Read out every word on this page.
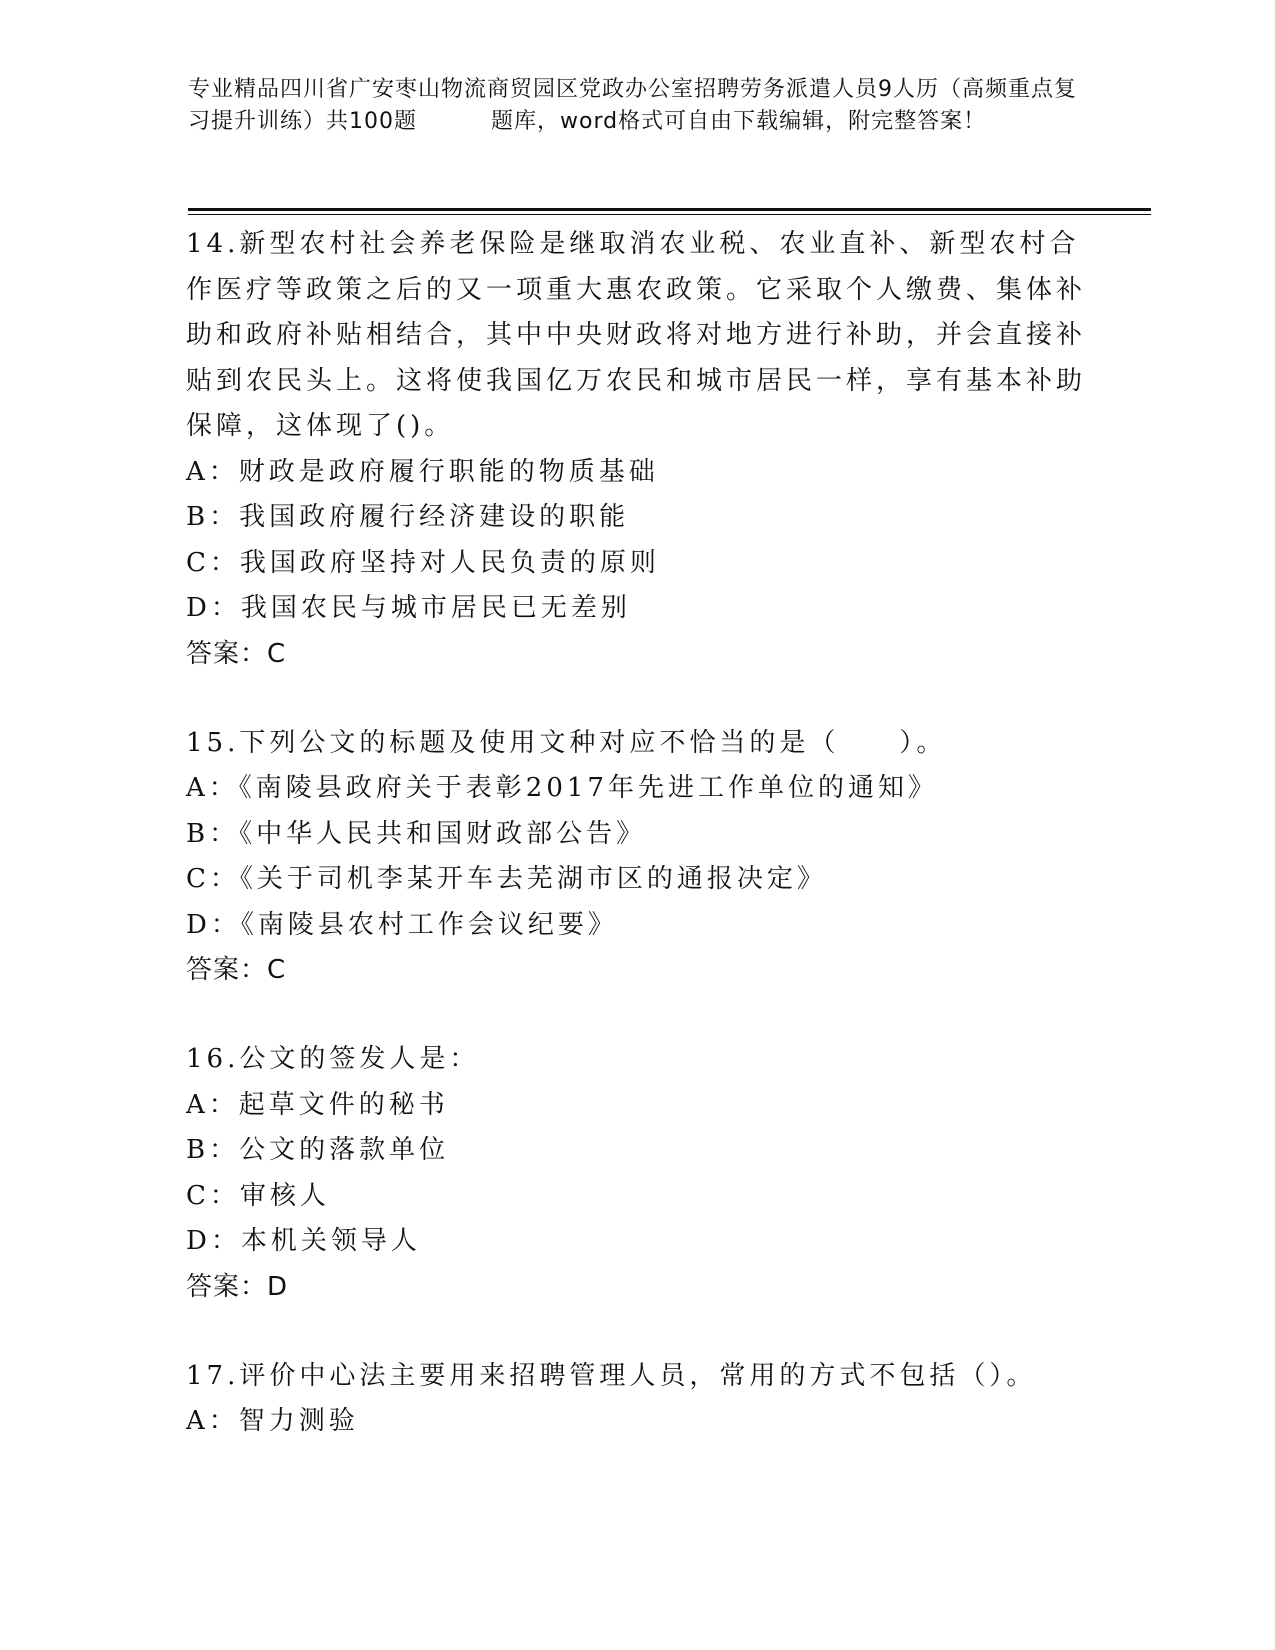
专业精品四川省广安枣山物流商贸园区党政办公室招聘劳务派遣人员9人历（高频重点复习提升训练）共100题	题库，word格式可自由下载编辑，附完整答案！

14.新型农村社会养老保险是继取消农业税、农业直补、新型农村合作医疗等政策之后的又一项重大惠农政策。它采取个人缴费、集体补助和政府补贴相结合，其中中央财政将对地方进行补助，并会直接补贴到农民头上。这将使我国亿万农民和城市居民一样，享有基本补助保障，这体现了()。

A：财政是政府履行职能的物质基础

B：我国政府履行经济建设的职能

C：我国政府坚持对人民负责的原则

D：我国农民与城市居民已无差别

答案：C

15.下列公文的标题及使用文种对应不恰当的是（　　）。

A：《南陵县政府关于表彰2017年先进工作单位的通知》

B：《中华人民共和国财政部公告》

C：《关于司机李某开车去芜湖市区的通报决定》

D：《南陵县农村工作会议纪要》

答案：C

16.公文的签发人是：

A：起草文件的秘书

B：公文的落款单位

C：审核人

D：本机关领导人

答案：D

17.评价中心法主要用来招聘管理人员，常用的方式不包括（）。

A：智力测验
